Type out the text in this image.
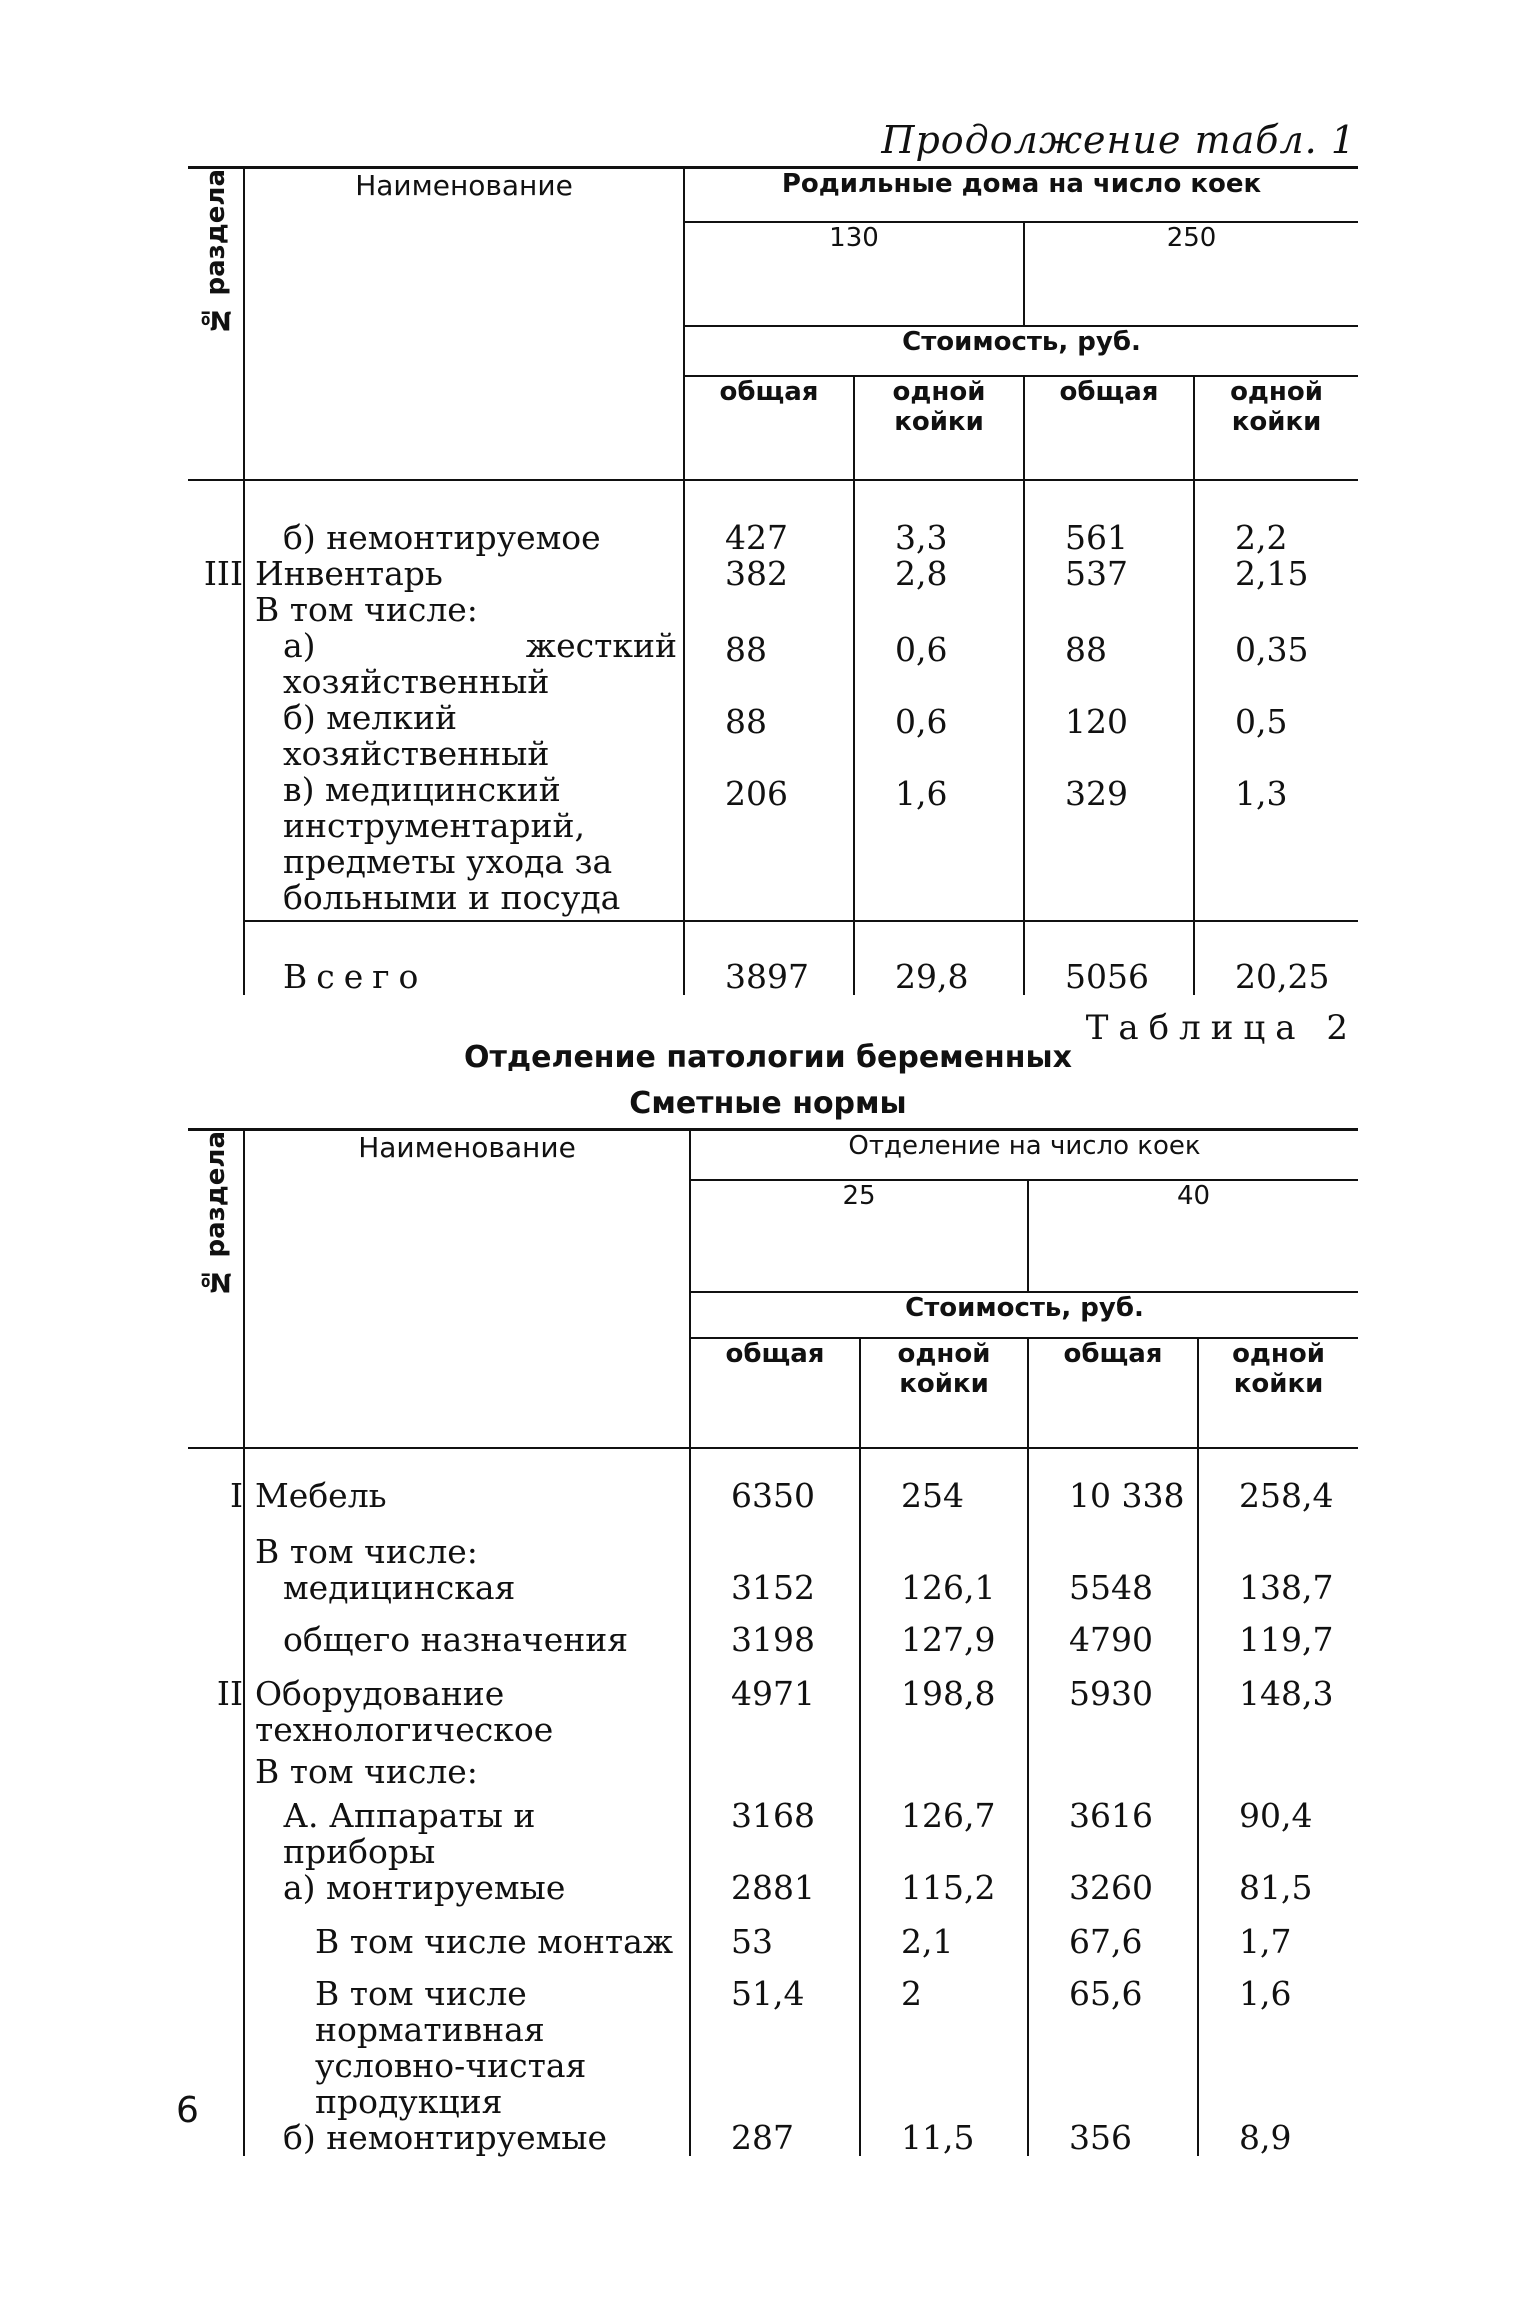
Продолжение табл. 1
№ раздела	Наименование	Родильные дома на число коек			
		130		250	
		Стоимость, руб.			
		общая	одной койки	общая	одной койки

	б) немонтируемое	427	3,3	561	2,2
III	Инвентарь	382	2,8	537	2,15
	В том числе:				
	а) жесткий хозяйственный	88	0,6	88	0,35
	б) мелкий хозяйственный	88	0,6	120	0,5
	в) медицинский инструментарий, предметы ухода за больными и посуда	206	1,6	329	1,3
	Всего	3897	29,8	5056	20,25
Таблица 2
Отделение патологии беременных
Сметные нормы
№ раздела	Наименование	Отделение на число коек			
		25		40	
		Стоимость, руб.			
		общая	одной койки	общая	одной койки

I	Мебель	6350	254	10 338	258,4
	В том числе:				
	медицинская	3152	126,1	5548	138,7
	общего назначения	3198	127,9	4790	119,7
II	Оборудование технологическое	4971	198,8	5930	148,3
	В том числе:				
	А. Аппараты и приборы	3168	126,7	3616	90,4
	а) монтируемые	2881	115,2	3260	81,5
	В том числе монтаж	53	2,1	67,6	1,7
	В том числе нормативная условно-чистая продукция	51,4	2	65,6	1,6
	б) немонтируемые	287	11,5	356	8,9
6
